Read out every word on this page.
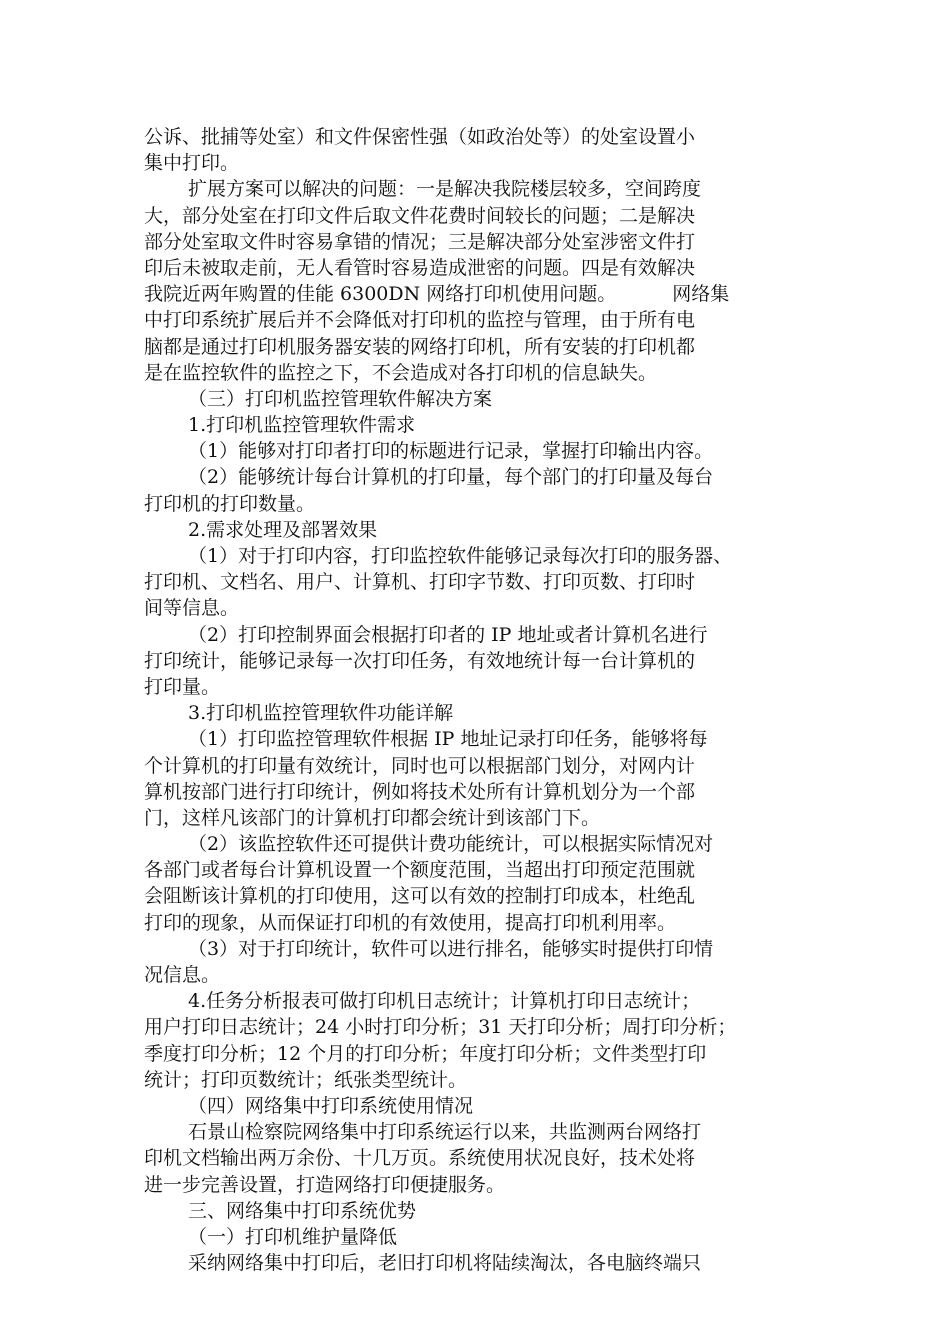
公诉、批捕等处室）和文件保密性强（如政治处等）的处室设置小
集中打印。
扩展方案可以解决的问题：一是解决我院楼层较多，空间跨度
大，部分处室在打印文件后取文件花费时间较长的问题；二是解决
部分处室取文件时容易拿错的情况；三是解决部分处室涉密文件打
印后未被取走前，无人看管时容易造成泄密的问题。四是有效解决
我院近两年购置的佳能 6300DN 网络打印机使用问题。	网络集
中打印系统扩展后并不会降低对打印机的监控与管理，由于所有电
脑都是通过打印机服务器安装的网络打印机，所有安装的打印机都
是在监控软件的监控之下，不会造成对各打印机的信息缺失。
（三）打印机监控管理软件解决方案
1.打印机监控管理软件需求
（1）能够对打印者打印的标题进行记录，掌握打印输出内容。
（2）能够统计每台计算机的打印量，每个部门的打印量及每台
打印机的打印数量。
2.需求处理及部署效果
（1）对于打印内容，打印监控软件能够记录每次打印的服务器、
打印机、文档名、用户、计算机、打印字节数、打印页数、打印时
间等信息。
（2）打印控制界面会根据打印者的 IP 地址或者计算机名进行
打印统计，能够记录每一次打印任务，有效地统计每一台计算机的
打印量。
3.打印机监控管理软件功能详解
（1）打印监控管理软件根据 IP 地址记录打印任务，能够将每
个计算机的打印量有效统计，同时也可以根据部门划分，对网内计
算机按部门进行打印统计，例如将技术处所有计算机划分为一个部
门，这样凡该部门的计算机打印都会统计到该部门下。
（2）该监控软件还可提供计费功能统计，可以根据实际情况对
各部门或者每台计算机设置一个额度范围，当超出打印预定范围就
会阻断该计算机的打印使用，这可以有效的控制打印成本，杜绝乱
打印的现象，从而保证打印机的有效使用，提高打印机利用率。
（3）对于打印统计，软件可以进行排名，能够实时提供打印情
况信息。
4.任务分析报表可做打印机日志统计；计算机打印日志统计；
用户打印日志统计；24 小时打印分析；31 天打印分析；周打印分析；
季度打印分析；12 个月的打印分析；年度打印分析；文件类型打印
统计；打印页数统计；纸张类型统计。
（四）网络集中打印系统使用情况
石景山检察院网络集中打印系统运行以来，共监测两台网络打
印机文档输出两万余份、十几万页。系统使用状况良好，技术处将
进一步完善设置，打造网络打印便捷服务。
三、网络集中打印系统优势
（一）打印机维护量降低
采纳网络集中打印后，老旧打印机将陆续淘汰，各电脑终端只
